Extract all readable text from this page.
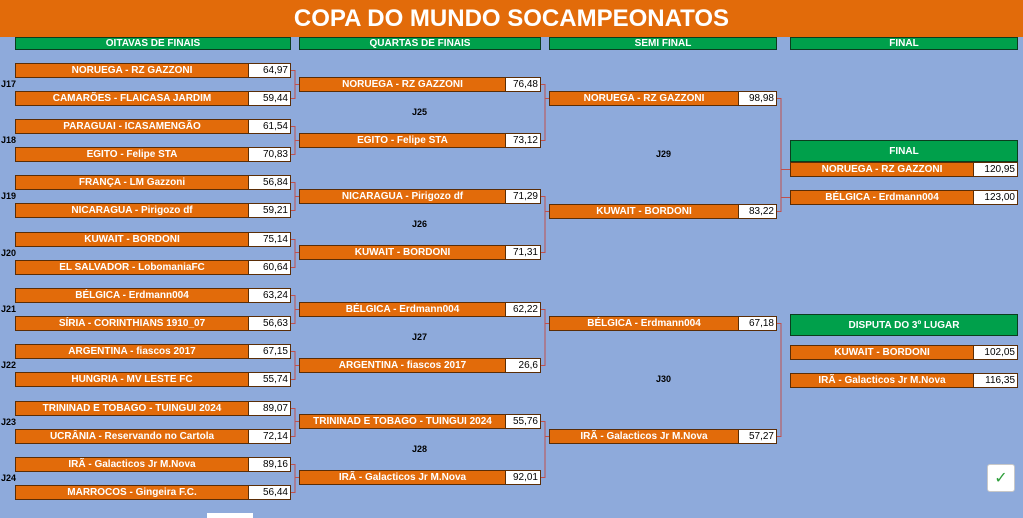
COPA DO MUNDO SOCAMPEONATOS
OITAVAS DE FINAIS	QUARTAS DE FINAIS	SEMI FINAL	FINAL
NORUEGA - RZ GAZZONI	64,97
CAMARÕES - FLAICASA JARDIM	59,44
PARAGUAI - ICASAMENGÃO	61,54
EGITO - Felipe STA	70,83
FRANÇA - LM Gazzoni	56,84
NICARAGUA - Pirigozo df	59,21
KUWAIT - BORDONI	75,14
EL SALVADOR - LobomaniaFC	60,64
BÉLGICA - Erdmann004	63,24
SÍRIA - CORINTHIANS 1910_07	56,63
ARGENTINA - fiascos 2017	67,15
HUNGRIA - MV LESTE FC	55,74
TRININAD E TOBAGO - TUINGUI 2024	89,07
UCRÂNIA - Reservando no Cartola	72,14
IRÃ - Galacticos Jr M.Nova	89,16
MARROCOS - Gingeira F.C.	56,44
NORUEGA - RZ GAZZONI	76,48
EGITO - Felipe STA	73,12
NICARAGUA - Pirigozo df	71,29
KUWAIT - BORDONI	71,31
BÉLGICA - Erdmann004	62,22
ARGENTINA - fiascos 2017	26,6
TRININAD E TOBAGO - TUINGUI 2024	55,76
IRÃ - Galacticos Jr M.Nova	92,01
NORUEGA - RZ GAZZONI	98,98
KUWAIT - BORDONI	83,22
BÉLGICA - Erdmann004	67,18
IRÃ - Galacticos Jr M.Nova	57,27
NORUEGA - RZ GAZZONI	120,95
BÉLGICA - Erdmann004	123,00
KUWAIT - BORDONI	102,05
IRÃ - Galacticos Jr M.Nova	116,35
J17
J18
J19
J20
J21
J22
J23
J24
J25
J26
J27
J28
J29
J30
FINAL
DISPUTA DO 3º LUGAR
✓
